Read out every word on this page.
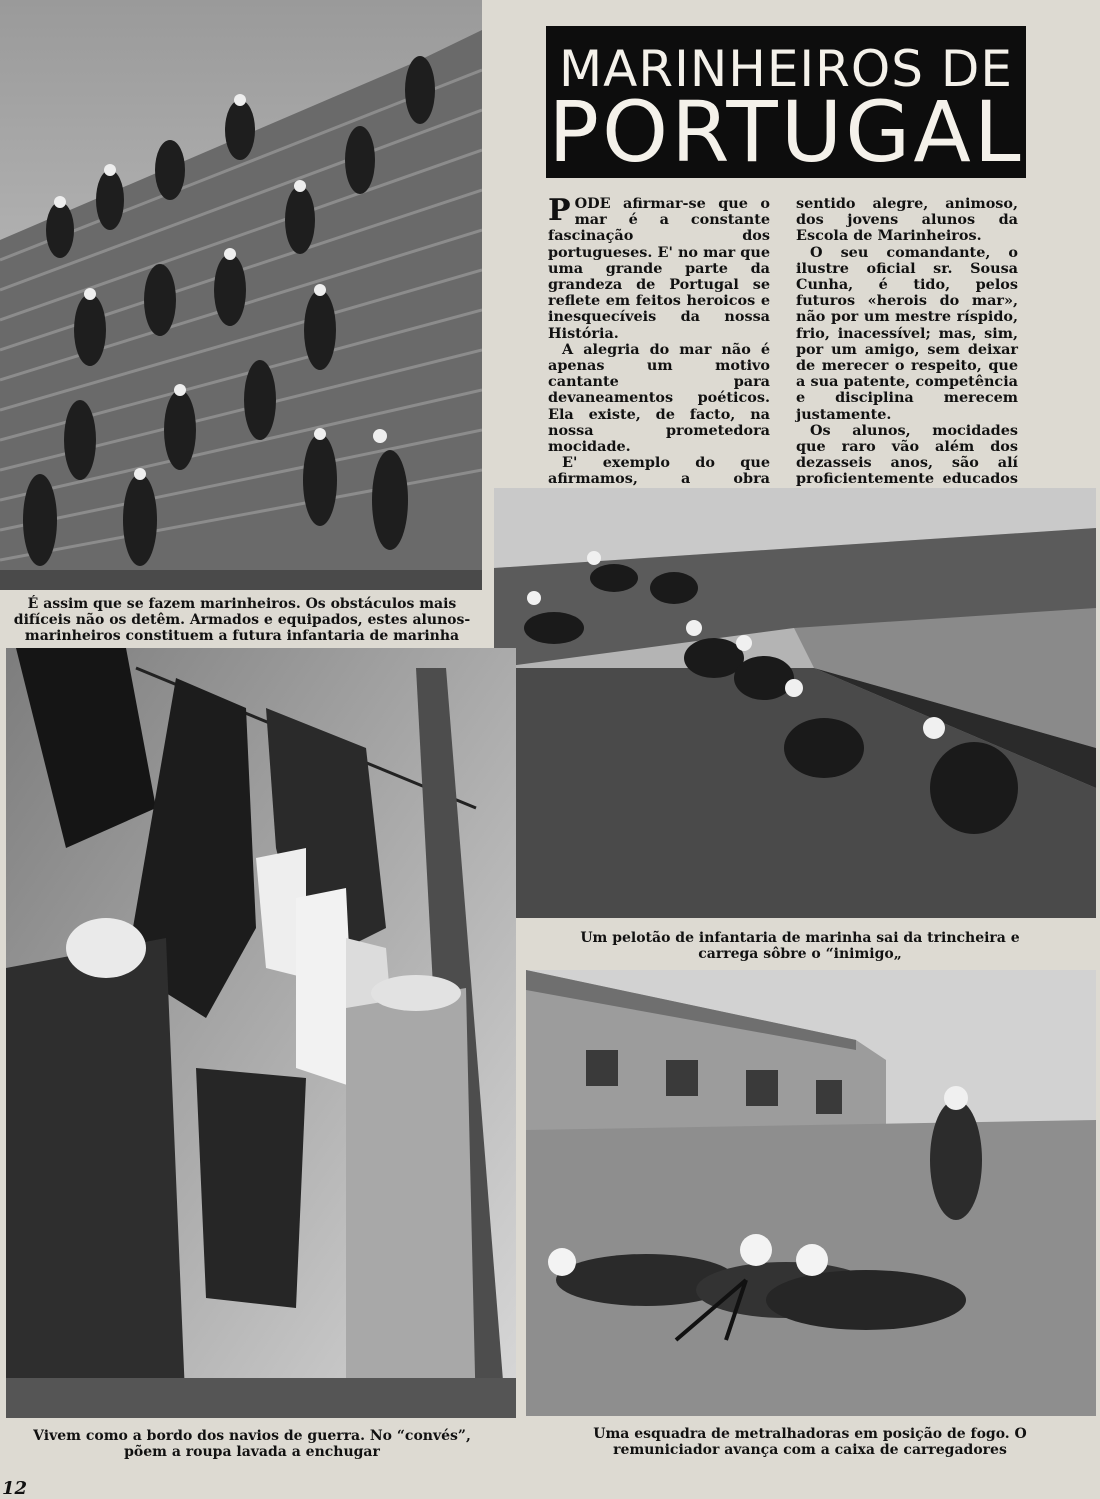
MARINHEIROS DE
PORTUGAL

PODE afirmar-se que o mar é a constante fascinação dos portugueses. E' no mar que uma grande parte da grandeza de Portugal se reflete em feitos heroicos e inesquecíveis da nossa História.

A alegria do mar não é apenas um motivo cantante para devaneamentos poéticos. Ela existe, de facto, na nossa prometedora mocidade.

E' exemplo do que afirmamos, a obra

sentido alegre, animoso, dos jovens alunos da Escola de Marinheiros.

O seu comandante, o ilustre oficial sr. Sousa Cunha, é tido, pelos futuros «herois do mar», não por um mestre ríspido, frio, inacessível; mas, sim, por um amigo, sem deixar de merecer o respeito, que a sua patente, competência e disciplina merecem justamente.

Os alunos, mocidades que raro vão além dos dezasseis anos, são alí proficientemente educados

É assim que se fazem marinheiros. Os obstáculos mais difíceis não os detêm. Armados e equipados, estes alunos-marinheiros constituem a futura infantaria de marinha
Um pelotão de infantaria de marinha sai da trincheira e carrega sôbre o “inimigo„
Vivem como a bordo dos navios de guerra. No “convés”, põem a roupa lavada a enchugar
Uma esquadra de metralhadoras em posição de fogo. O remuniciador avança com a caixa de carregadores
12
